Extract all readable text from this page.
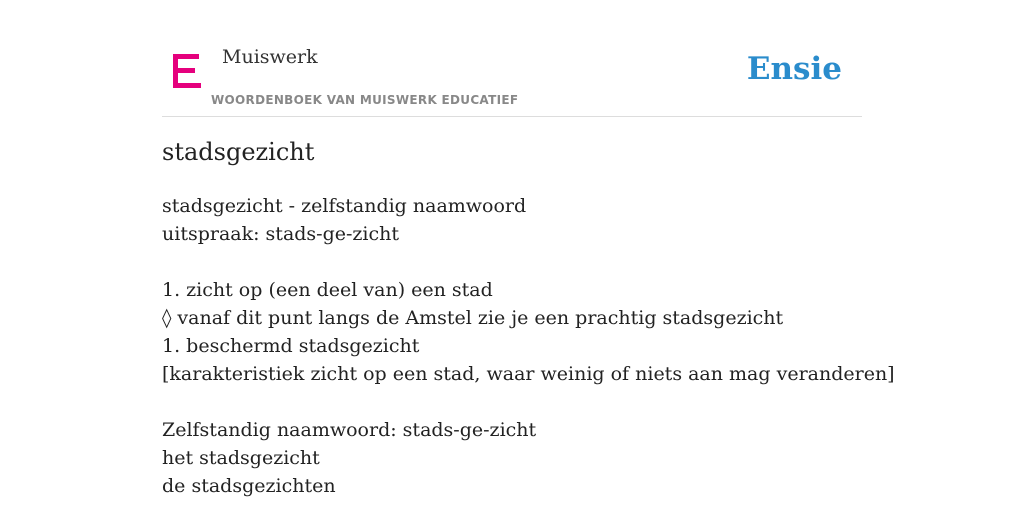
Muiswerk
WOORDENBOEK VAN MUISWERK EDUCATIEF
Ensie
stadsgezicht
stadsgezicht - zelfstandig naamwoord
uitspraak: stads-ge-zicht
1. zicht op (een deel van) een stad
◊ vanaf dit punt langs de Amstel zie je een prachtig stadsgezicht
1. beschermd stadsgezicht
[karakteristiek zicht op een stad, waar weinig of niets aan mag veranderen]
Zelfstandig naamwoord: stads-ge-zicht
het stadsgezicht
de stadsgezichten
